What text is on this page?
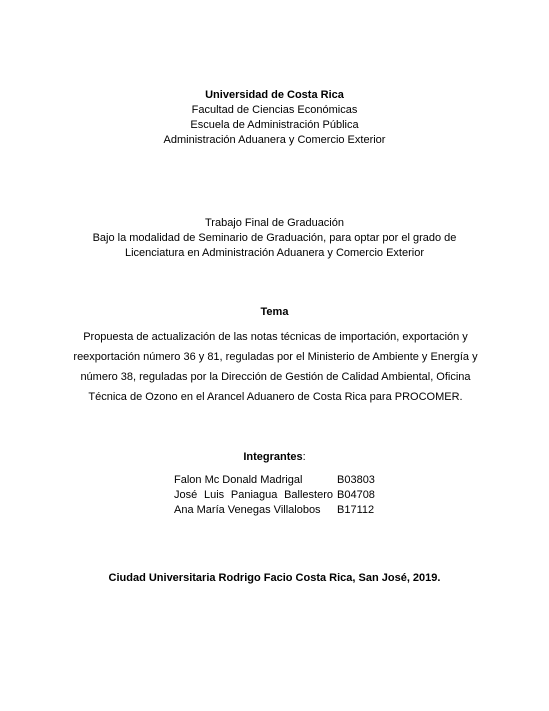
Universidad de Costa Rica
Facultad de Ciencias Económicas
Escuela de Administración Pública
Administración Aduanera y Comercio Exterior
Trabajo Final de Graduación
Bajo la modalidad de Seminario de Graduación, para optar por el grado de
Licenciatura en Administración Aduanera y Comercio Exterior
Tema
Propuesta de actualización de las notas técnicas de importación, exportación y reexportación número 36 y 81, reguladas por el Ministerio de Ambiente y Energía y número 38, reguladas por la Dirección de Gestión de Calidad Ambiental, Oficina Técnica de Ozono en el Arancel Aduanero de Costa Rica para PROCOMER.
Integrantes:
Falon Mc Donald Madrigal	B03803
José Luis Paniagua Ballestero B04708
Ana María Venegas Villalobos B17112
Ciudad Universitaria Rodrigo Facio Costa Rica, San José, 2019.
